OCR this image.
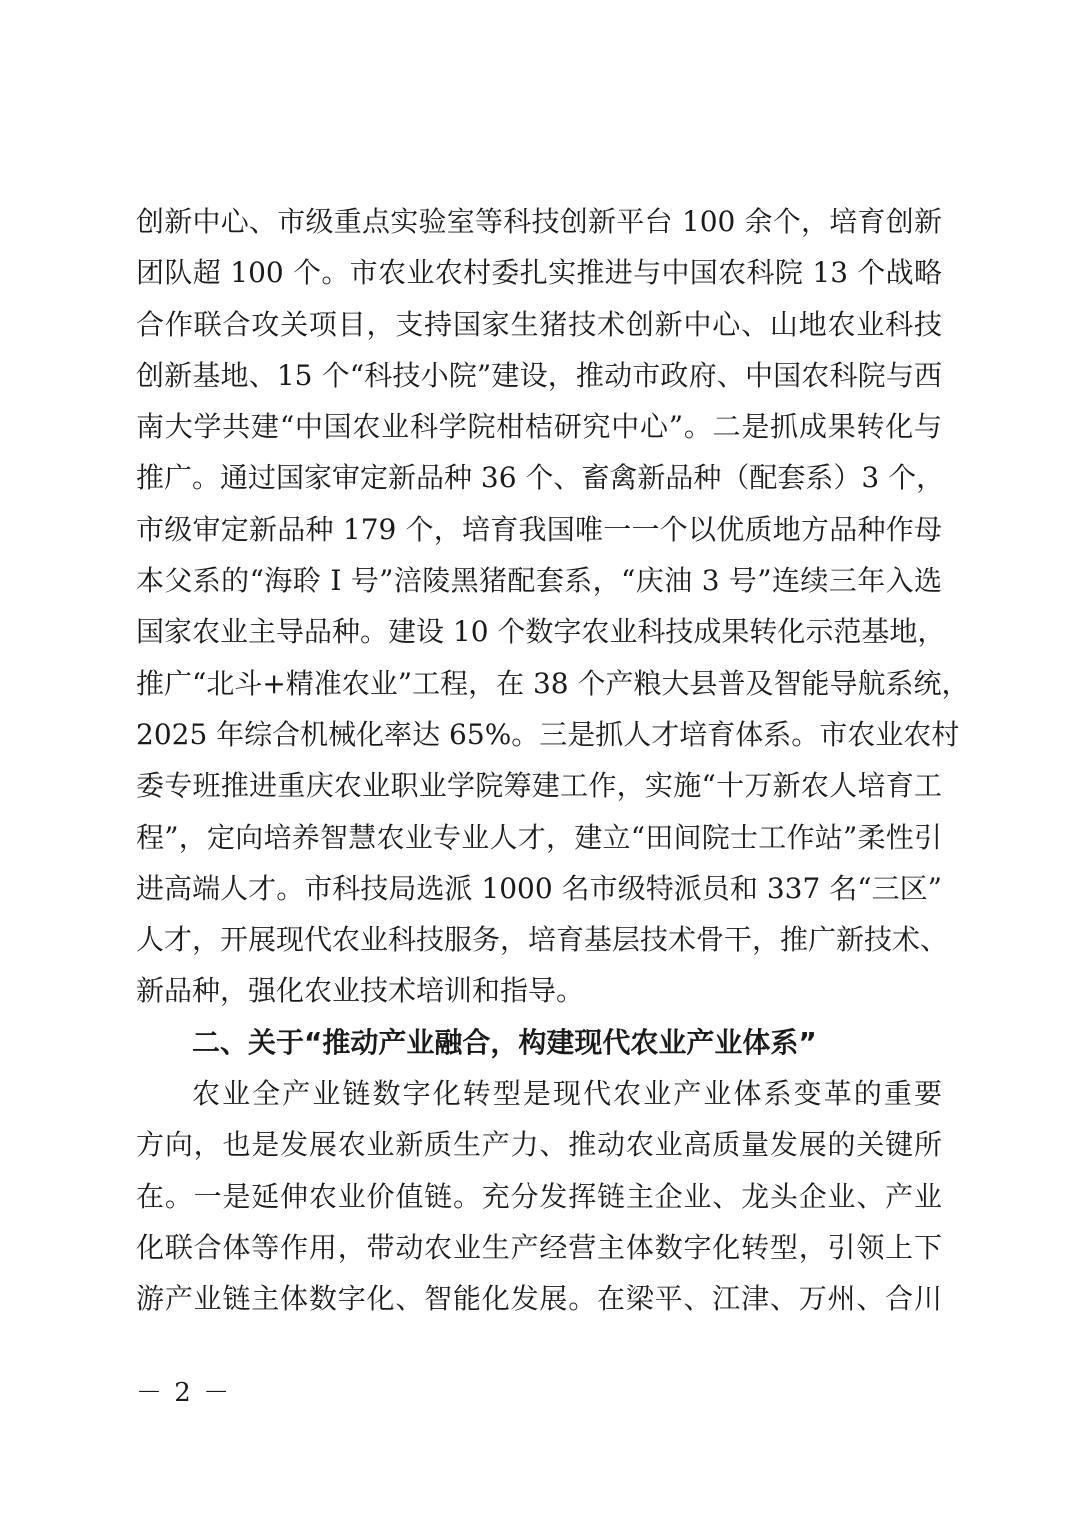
创新中心、市级重点实验室等科技创新平台 100 余个，培育创新
团队超 100 个。市农业农村委扎实推进与中国农科院 13 个战略
合作联合攻关项目，支持国家生猪技术创新中心、山地农业科技
创新基地、15 个“科技小院”建设，推动市政府、中国农科院与西
南大学共建“中国农业科学院柑桔研究中心”。二是抓成果转化与
推广。通过国家审定新品种 36 个、畜禽新品种（配套系）3 个，
市级审定新品种 179 个，培育我国唯一一个以优质地方品种作母
本父系的“海聆 I 号”涪陵黑猪配套系，“庆油 3 号”连续三年入选
国家农业主导品种。建设 10 个数字农业科技成果转化示范基地，
推广“北斗+精准农业”工程，在 38 个产粮大县普及智能导航系统，
2025 年综合机械化率达 65%。三是抓人才培育体系。市农业农村
委专班推进重庆农业职业学院筹建工作，实施“十万新农人培育工
程”，定向培养智慧农业专业人才，建立“田间院士工作站”柔性引
进高端人才。市科技局选派 1000 名市级特派员和 337 名“三区”
人才，开展现代农业科技服务，培育基层技术骨干，推广新技术、
新品种，强化农业技术培训和指导。
二、关于“推动产业融合，构建现代农业产业体系”
农业全产业链数字化转型是现代农业产业体系变革的重要
方向，也是发展农业新质生产力、推动农业高质量发展的关键所
在。一是延伸农业价值链。充分发挥链主企业、龙头企业、产业
化联合体等作用，带动农业生产经营主体数字化转型，引领上下
游产业链主体数字化、智能化发展。在梁平、江津、万州、合川
－ 2 －
